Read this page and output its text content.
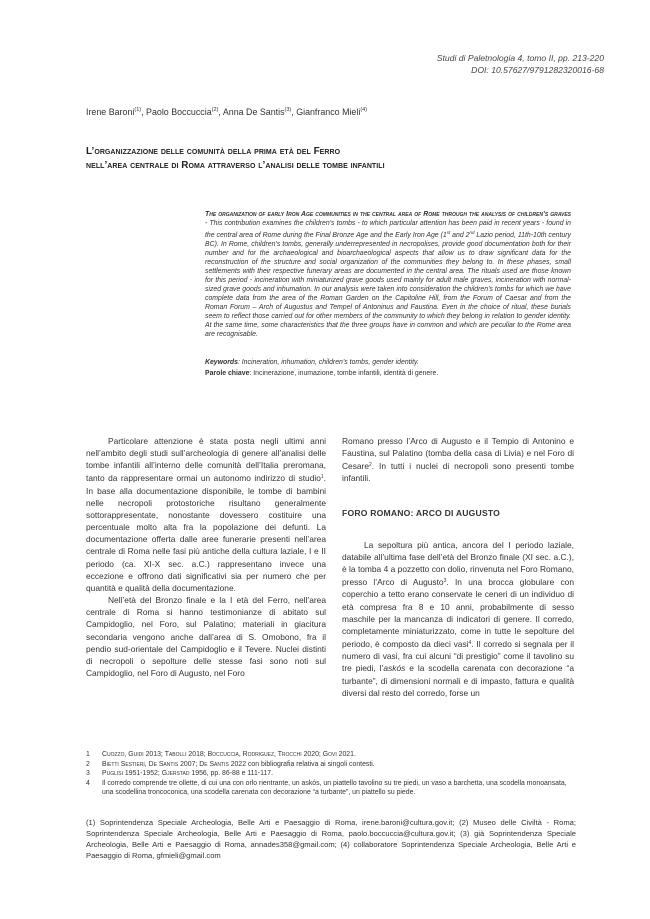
Studi di Paletnologia 4, tomo II, pp. 213-220
DOI: 10.57627/9791282320016-68
Irene Baroni$^{(1)}$, Paolo Boccuccia$^{(2)}$, Anna De Santis$^{(3)}$, Gianfranco Mieli$^{(4)}$
L’organizzazione delle comunità della prima età del Ferro
nell’area centrale di Roma attraverso l’analisi delle tombe infantili
The organization of early Iron Age communities in the central area of Rome through the analysis of children’s graves - This contribution examines the children’s tombs - to which particular attention has been paid in recent years - found in the central area of Rome during the Final Bronze Age and the Early Iron Age (1st and 2nd Lazio period, 11th-10th century BC). In Rome, children’s tombs, generally underrepresented in necropolises, provide good documentation both for their number and for the archaeological and bioarchaeological aspects that allow us to draw significant data for the reconstruction of the structure and social organization of the communities they belong to. In these phases, small settlements with their respective funerary areas are documented in the central area. The rituals used are those known for this period - incineration with miniaturized grave goods used mainly for adult male graves, incineration with normal-sized grave goods and inhumation. In our analysis were taken into consideration the children’s tombs for which we have complete data from the area of the Roman Garden on the Capitoline Hill, from the Forum of Caesar and from the Roman Forum – Arch of Augustus and Tempel of Antoninus and Faustina. Even in the choice of ritual, these burials seem to reflect those carried out for other members of the community to which they belong in relation to gender identity. At the same time, some characteristics that the three groups have in common and which are peculiar to the Rome area are recognisable.
Keywords: Incineration, inhumation, children’s tombs, gender identity.
Parole chiave: Incinerazione, inumazione, tombe infantili, identità di genere.

Particolare attenzione è stata posta negli ultimi anni nell’ambito degli studi sull’archeologia di genere all’analisi delle tombe infantili all’interno delle comunità dell’Italia preromana, tanto da rappresentare ormai un autonomo indirizzo di studio$^1$. In base alla documentazione disponibile, le tombe di bambini nelle necropoli protostoriche risultano generalmente sottorappresentate, nonostante dovessero costituire una percentuale molto alta fra la popolazione dei defunti. La documentazione offerta dalle aree funerarie presenti nell’area centrale di Roma nelle fasi più antiche della cultura laziale, I e II periodo (ca. XI-X sec. a.C.) rappresentano invece una eccezione e offrono dati significativi sia per numero che per quantità e qualità della documentazione.

Nell’età del Bronzo finale e la I età del Ferro, nell’area centrale di Roma si hanno testimonianze di abitato sul Campidoglio, nel Foro, sul Palatino; materiali in giacitura secondaria vengono anche dall’area di S. Omobono, fra il pendio sud-orientale del Campidoglio e il Tevere. Nuclei distinti di necropoli o sepolture delle stesse fasi sono noti sul Campidoglio, nel Foro di Augusto, nel Foro

Romano presso l’Arco di Augusto e il Tempio di Antonino e Faustina, sul Palatino (tomba della casa di Livia) e nel Foro di Cesare$^2$. In tutti i nuclei di necropoli sono presenti tombe infantili.

FORO ROMANO: ARCO DI AUGUSTO

La sepoltura più antica, ancora del I periodo laziale, databile all’ultima fase dell’età del Bronzo finale (XI sec. a.C.), è la tomba 4 a pozzetto con dolio, rinvenuta nel Foro Romano, presso l’Arco di Augusto$^3$. In una brocca globulare con coperchio a tetto erano conservate le ceneri di un individuo di età compresa fra 8 e 10 anni, probabilmente di sesso maschile per la mancanza di indicatori di genere. Il corredo, completamente miniaturizzato, come in tutte le sepolture del periodo, è composto da dieci vasi$^4$. Il corredo si segnala per il numero di vasi, fra cui alcuni “di prestigio” come il tavolino su tre piedi, l’askós e la scodella carenata con decorazione “a turbante”, di dimensioni normali e di impasto, fattura e qualità diversi dal resto del corredo, forse un

1	Cuozzo, Guidi 2013; Tabolli 2018; Boccuccia, Rodriguez, Trocchi 2020; Govi 2021.
2	Bietti Sestieri, De Santis 2007; De Santis 2022 con bibliografia relativa ai singoli contesti.
3	Puglisi 1951-1952; Gjerstad 1956, pp. 86-88 e 111-117.
4	Il corredo comprende tre ollette, di cui una con orlo rientrante, un askós, un piattello tavolino su tre piedi, un vaso a barchetta, una scodella monoansata, una scodellina troncoconica, una scodella carenata con decorazione “a turbante”, un piattello su piede.
(1) Soprintendenza Speciale Archeologia, Belle Arti e Paesaggio di Roma, irene.baroni@cultura.gov.it; (2) Museo delle Civiltà - Roma; Soprintendenza Speciale Archeologia, Belle Arti e Paesaggio di Roma, paolo.boccuccia@cultura.gov.it; (3) già Soprintendenza Speciale Archeologia, Belle Arti e Paesaggio di Roma, annades358@gmail.com; (4) collaboratore Soprintendenza Speciale Archeologia, Belle Arti e Paesaggio di Roma, gfmieli@gmail.com
